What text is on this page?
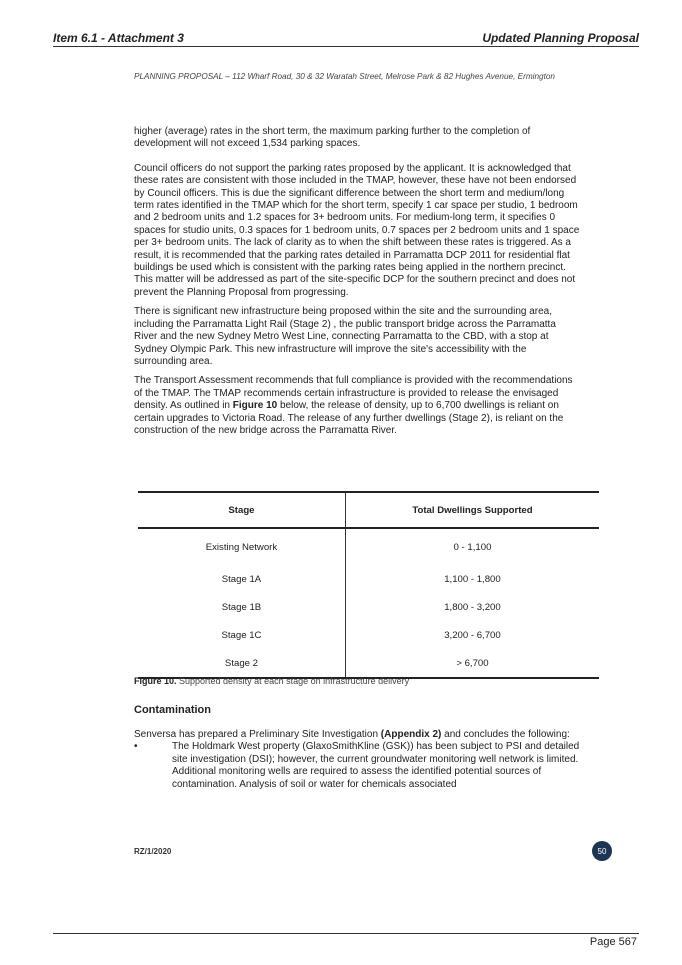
Item 6.1 - Attachment 3	Updated Planning Proposal
PLANNING PROPOSAL – 112 Wharf Road, 30 & 32 Waratah Street, Melrose Park & 82 Hughes Avenue, Ermington

higher (average) rates in the short term, the maximum parking further to the completion of development will not exceed 1,534 parking spaces.

Council officers do not support the parking rates proposed by the applicant. It is acknowledged that these rates are consistent with those included in the TMAP, however, these have not been endorsed by Council officers. This is due the significant difference between the short term and medium/long term rates identified in the TMAP which for the short term, specify 1 car space per studio, 1 bedroom and 2 bedroom units and 1.2 spaces for 3+ bedroom units. For medium-long term, it specifies 0 spaces for studio units, 0.3 spaces for 1 bedroom units, 0.7 spaces per 2 bedroom units and 1 space per 3+ bedroom units. The lack of clarity as to when the shift between these rates is triggered. As a result, it is recommended that the parking rates detailed in Parramatta DCP 2011 for residential flat buildings be used which is consistent with the parking rates being applied in the northern precinct. This matter will be addressed as part of the site-specific DCP for the southern precinct and does not prevent the Planning Proposal from progressing.

There is significant new infrastructure being proposed within the site and the surrounding area, including the Parramatta Light Rail (Stage 2) , the public transport bridge across the Parramatta River and the new Sydney Metro West Line, connecting Parramatta to the CBD, with a stop at Sydney Olympic Park. This new infrastructure will improve the site's accessibility with the surrounding area.

The Transport Assessment recommends that full compliance is provided with the recommendations of the TMAP. The TMAP recommends certain infrastructure is provided to release the envisaged density. As outlined in Figure 10 below, the release of density, up to 6,700 dwellings is reliant on certain upgrades to Victoria Road. The release of any further dwellings (Stage 2), is reliant on the construction of the new bridge across the Parramatta River.

Stage	Total Dwellings Supported
Existing Network	0 - 1,100
Stage 1A	1,100 - 1,800
Stage 1B	1,800 - 3,200
Stage 1C	3,200 - 6,700
Stage 2	> 6,700
Figure 10. Supported density at each stage on infrastructure delivery
Contamination

Senversa has prepared a Preliminary Site Investigation (Appendix 2) and concludes the following:

•	The Holdmark West property (GlaxoSmithKline (GSK)) has been subject to PSI and detailed site investigation (DSI); however, the current groundwater monitoring well network is limited. Additional monitoring wells are required to assess the identified potential sources of contamination. Analysis of soil or water for chemicals associated
RZ/1/2020	50
Page 567
